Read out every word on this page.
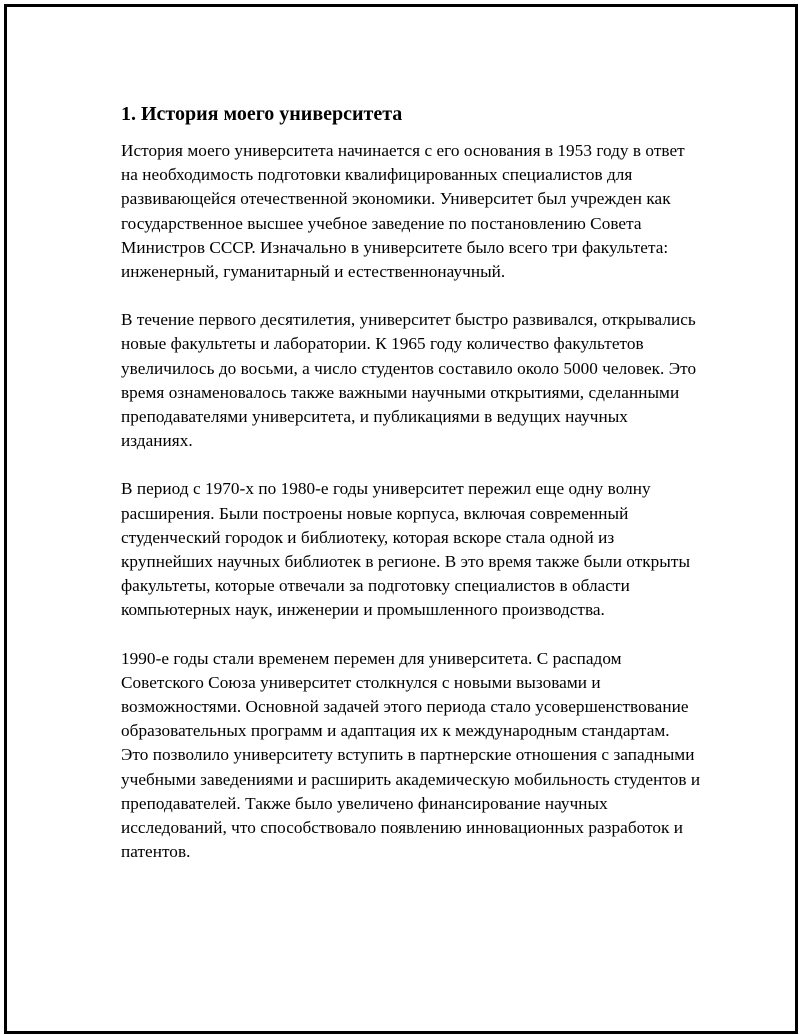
1. История моего университета

История моего университета начинается с его основания в 1953 году в ответ на необходимость подготовки квалифицированных специалистов для развивающейся отечественной экономики. Университет был учрежден как государственное высшее учебное заведение по постановлению Совета Министров СССР. Изначально в университете было всего три факультета: инженерный, гуманитарный и естественнонаучный.

В течение первого десятилетия, университет быстро развивался, открывались новые факультеты и лаборатории. К 1965 году количество факультетов увеличилось до восьми, а число студентов составило около 5000 человек. Это время ознаменовалось также важными научными открытиями, сделанными преподавателями университета, и публикациями в ведущих научных изданиях.

В период с 1970-х по 1980-е годы университет пережил еще одну волну расширения. Были построены новые корпуса, включая современный студенческий городок и библиотеку, которая вскоре стала одной из крупнейших научных библиотек в регионе. В это время также были открыты факультеты, которые отвечали за подготовку специалистов в области компьютерных наук, инженерии и промышленного производства.

1990-е годы стали временем перемен для университета. С распадом Советского Союза университет столкнулся с новыми вызовами и возможностями. Основной задачей этого периода стало усовершенствование образовательных программ и адаптация их к международным стандартам. Это позволило университету вступить в партнерские отношения с западными учебными заведениями и расширить академическую мобильность студентов и преподавателей. Также было увеличено финансирование научных исследований, что способствовало появлению инновационных разработок и патентов.
